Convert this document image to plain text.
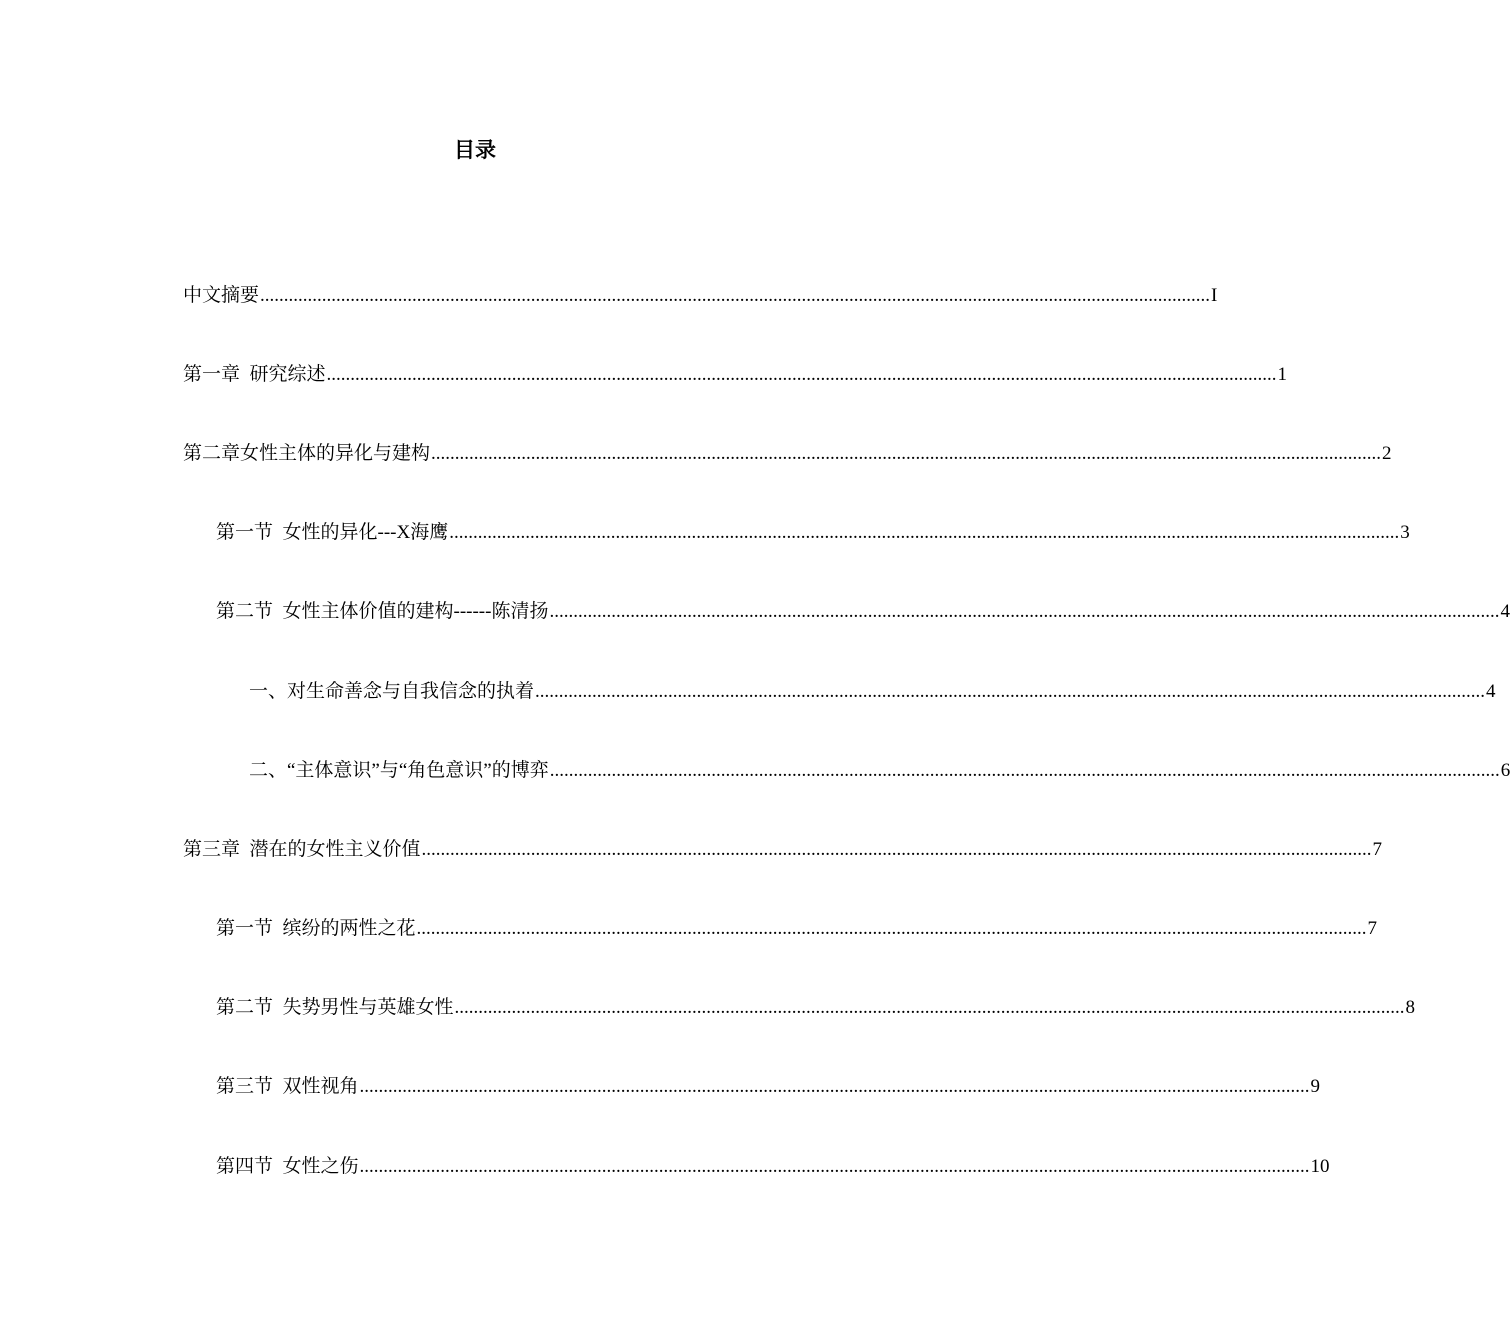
目录
中文摘要 ........................................................................................................................................................................................................ I
第一章  研究综述 ........................................................................................................................................................................................................ 1
第二章女性主体的异化与建构 ........................................................................................................................................................................................................ 2
第一节  女性的异化---X海鹰 ........................................................................................................................................................................................................ 3
第二节  女性主体价值的建构------陈清扬 ........................................................................................................................................................................................................ 4
一、对生命善念与自我信念的执着 ........................................................................................................................................................................................................ 4
二、“主体意识”与“角色意识”的博弈 ........................................................................................................................................................................................................ 6
第三章  潜在的女性主义价值 ........................................................................................................................................................................................................ 7
第一节  缤纷的两性之花 ........................................................................................................................................................................................................ 7
第二节  失势男性与英雄女性 ........................................................................................................................................................................................................ 8
第三节  双性视角 ........................................................................................................................................................................................................ 9
第四节  女性之伤 ........................................................................................................................................................................................................ 10
